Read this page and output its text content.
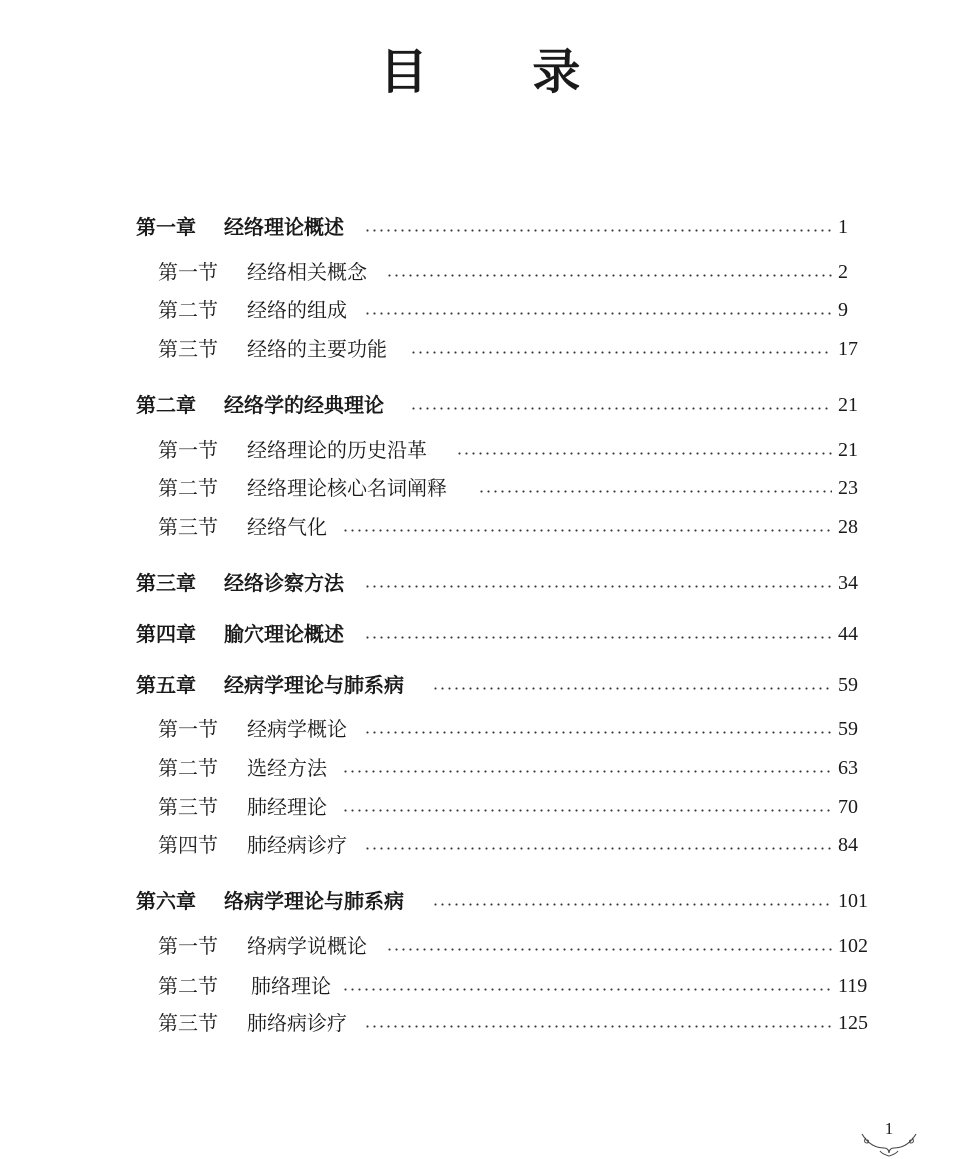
目 录
第一章 经络理论概述	1
第一节 经络相关概念	2
第二节 经络的组成	9
第三节 经络的主要功能	17
第二章 经络学的经典理论	21
第一节 经络理论的历史沿革	21
第二节 经络理论核心名词阐释	23
第三节 经络气化	28
第三章 经络诊察方法	34
第四章 腧穴理论概述	44
第五章 经病学理论与肺系病	59
第一节 经病学概论	59
第二节 选经方法	63
第三节 肺经理论	70
第四节 肺经病诊疗	84
第六章 络病学理论与肺系病	101
第一节 络病学说概论	102
第二节 肺络理论	119
第三节 肺络病诊疗	125
1
